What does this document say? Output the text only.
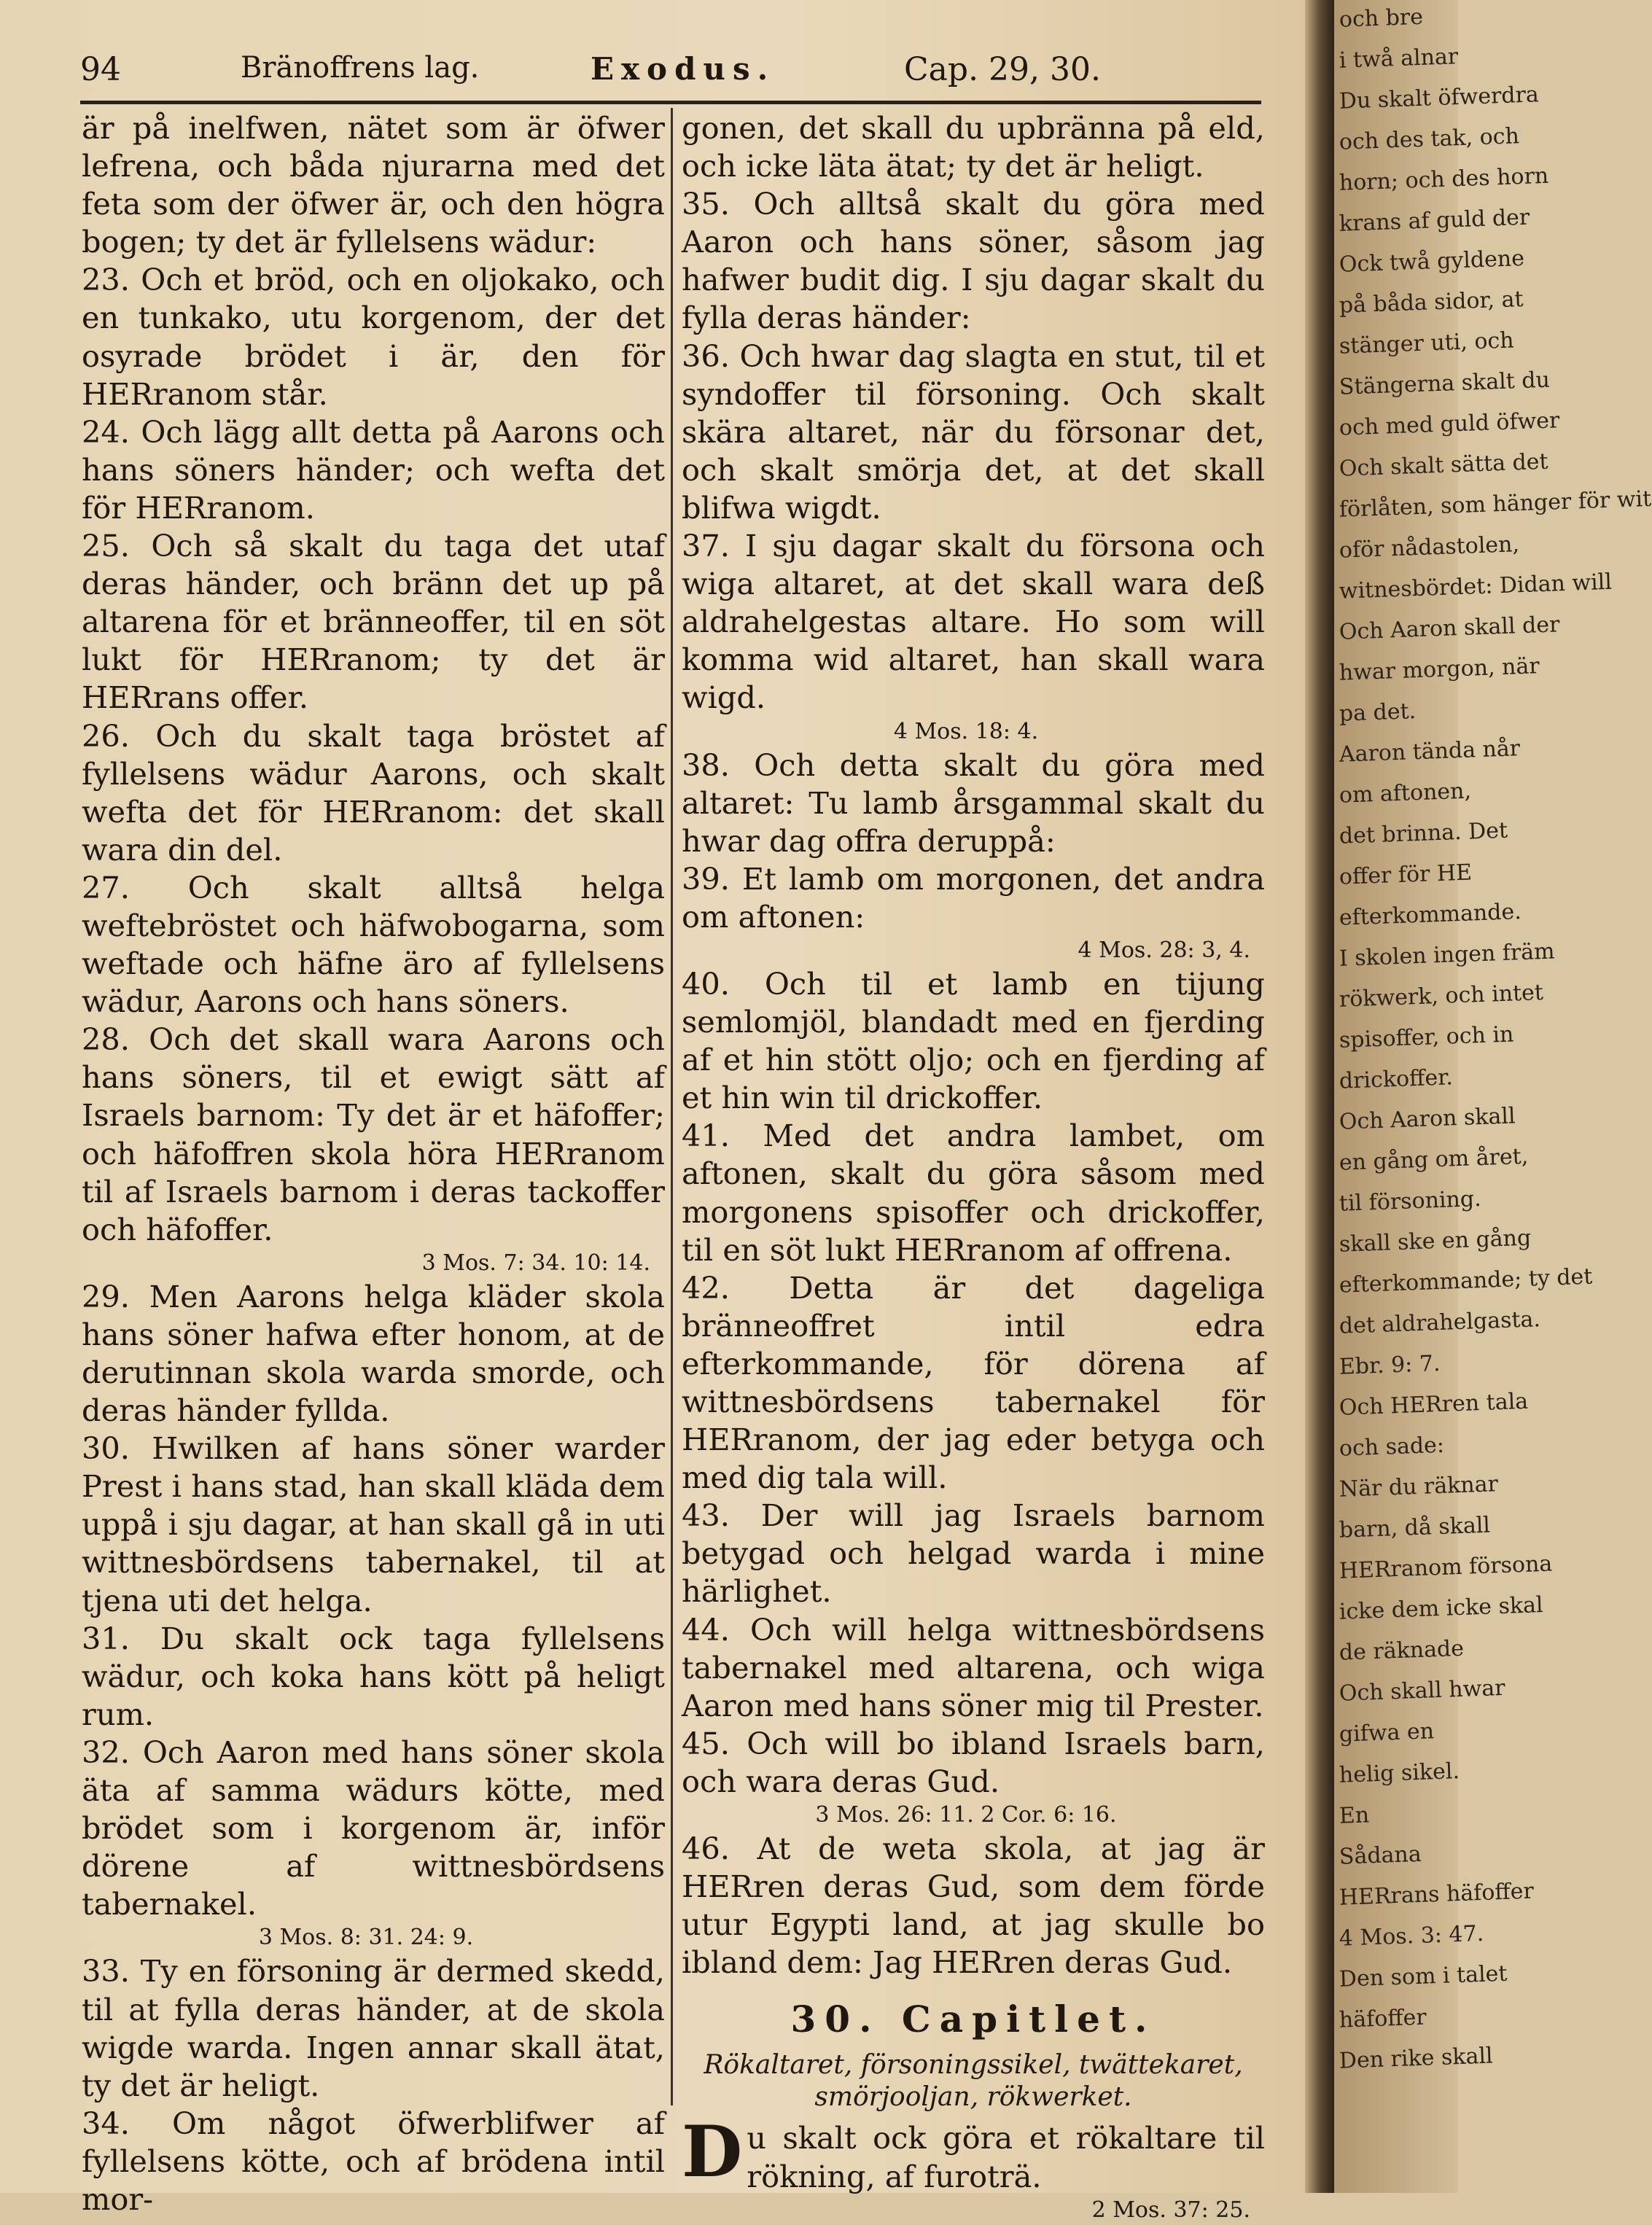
94	Bränoffrens lag.	Exodus.	Cap. 29, 30.

är på inelfwen, nätet som är öfwer lefrena, och båda njurarna med det feta som der öfwer är, och den högra bogen; ty det är fyllelsens wädur:

23. Och et bröd, och en oljokako, och en tunkako, utu korgenom, der det osyrade brödet i är, den för HERranom står.

24. Och lägg allt detta på Aarons och hans söners händer; och wefta det för HERranom.

25. Och så skalt du taga det utaf deras händer, och bränn det up på altarena för et bränneoffer, til en söt lukt för HERranom; ty det är HERrans offer.

26. Och du skalt taga bröstet af fyllelsens wädur Aarons, och skalt wefta det för HERranom: det skall wara din del.

27. Och skalt alltså helga weftebröstet och häfwobogarna, som weftade och häfne äro af fyllelsens wädur, Aarons och hans söners.

28. Och det skall wara Aarons och hans söners, til et ewigt sätt af Israels barnom: Ty det är et häfoffer; och häfoffren skola höra HERranom til af Israels barnom i deras tackoffer och häfoffer.

3 Mos. 7: 34. 10: 14.

29. Men Aarons helga kläder skola hans söner hafwa efter honom, at de derutinnan skola warda smorde, och deras händer fyllda.

30. Hwilken af hans söner warder Prest i hans stad, han skall kläda dem uppå i sju dagar, at han skall gå in uti wittnesbördsens tabernakel, til at tjena uti det helga.

31. Du skalt ock taga fyllelsens wädur, och koka hans kött på heligt rum.

32. Och Aaron med hans söner skola äta af samma wädurs kötte, med brödet som i korgenom är, inför dörene af wittnesbördsens tabernakel.

3 Mos. 8: 31. 24: 9.

33. Ty en försoning är dermed skedd, til at fylla deras händer, at de skola wigde warda. Ingen annar skall ätat, ty det är heligt.

34. Om något öfwerblifwer af fyllelsens kötte, och af brödena intil mor-

gonen, det skall du upbränna på eld, och icke läta ätat; ty det är heligt.

35. Och alltså skalt du göra med Aaron och hans söner, såsom jag hafwer budit dig. I sju dagar skalt du fylla deras händer:

36. Och hwar dag slagta en stut, til et syndoffer til försoning. Och skalt skära altaret, när du försonar det, och skalt smörja det, at det skall blifwa wigdt.

37. I sju dagar skalt du försona och wiga altaret, at det skall wara deß aldrahelgestas altare. Ho som will komma wid altaret, han skall wara wigd.

4 Mos. 18: 4.

38. Och detta skalt du göra med altaret: Tu lamb årsgammal skalt du hwar dag offra deruppå:

39. Et lamb om morgonen, det andra om aftonen:

4 Mos. 28: 3, 4.

40. Och til et lamb en tijung semlomjöl, blandadt med en fjerding af et hin stött oljo; och en fjerding af et hin win til drickoffer.

41. Med det andra lambet, om aftonen, skalt du göra såsom med morgonens spisoffer och drickoffer, til en söt lukt HERranom af offrena.

42. Detta är det dageliga bränneoffret intil edra efterkommande, för dörena af wittnesbördsens tabernakel för HERranom, der jag eder betyga och med dig tala will.

43. Der will jag Israels barnom betygad och helgad warda i mine härlighet.

44. Och will helga wittnesbördsens tabernakel med altarena, och wiga Aaron med hans söner mig til Prester.

45. Och will bo ibland Israels barn, och wara deras Gud.

3 Mos. 26: 11. 2 Cor. 6: 16.

46. At de weta skola, at jag är HERren deras Gud, som dem förde utur Egypti land, at jag skulle bo ibland dem: Jag HERren deras Gud.

30. Capitlet.

Rökaltaret, försoningssikel, twättekaret, smörjooljan, rökwerket.

D u skalt ock göra et rökaltare til rökning, af furoträ.

2 Mos. 37: 25.

och bre
i twå alnar
Du skalt öfwerdra
och des tak, och
horn; och des horn
krans af guld der
Ock twå gyldene
på båda sidor, at
stänger uti, och
Stängerna skalt du
och med guld öfwer
Och skalt sätta det
förlåten, som hänger för wit
oför nådastolen,
witnesbördet: Didan will
Och Aaron skall der
hwar morgon, när
pa det.
Aaron tända når
om aftonen,
det brinna. Det
offer för HE
efterkommande.
I skolen ingen främ
rökwerk, och intet
spisoffer, och in
drickoffer.
Och Aaron skall
en gång om året,
til försoning.
skall ske en gång
efterkommande; ty det
det aldrahelgasta.
Ebr. 9: 7.
Och HERren tala
och sade:
När du räknar
barn, då skall
HERranom försona
icke dem icke skal
de räknade
Och skall hwar
gifwa en
helig sikel.
En
Sådana
HERrans häfoffer
4 Mos. 3: 47.
Den som i talet
häfoffer
Den rike skall
